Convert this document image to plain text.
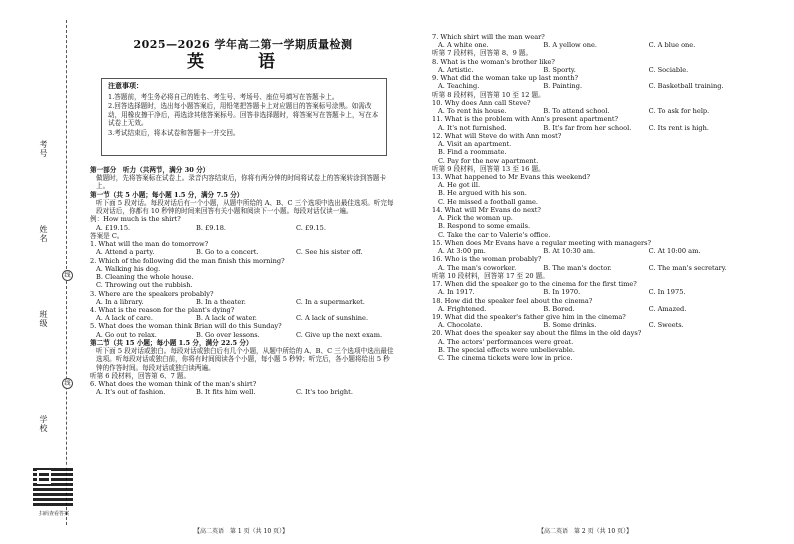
考号
姓名
线
班级
线
学校
扫码查看答案
2025—2026 学年高二第一学期质量检测
英 语
注意事项：

1.答题前，考生务必将自己的姓名、考生号、考场号、座位号填写在答题卡上。

2.回答选择题时，选出每小题答案后，用铅笔把答题卡上对应题目的答案标号涂黑。如需改动，用橡皮擦干净后，再选涂其他答案标号。回答非选择题时，将答案写在答题卡上，写在本试卷上无效。

3.考试结束后，将本试卷和答题卡一并交回。

第一部分　听力（共两节，满分 30 分）

做题时，先将答案标在试卷上。录音内容结束后，你将有两分钟的时间将试卷上的答案转涂到答题卡上。

第一节（共 5 小题；每小题 1.5 分，满分 7.5 分）

听下面 5 段对话。每段对话后有一个小题，从题中所给的 A、B、C 三个选项中选出最佳选项。听完每段对话后，你都有 10 秒钟的时间来回答有关小题和阅读下一小题。每段对话仅读一遍。

例：How much is the shirt?

A. £19.15.	B. £9.18.	C. £9.15.

答案是 C。

1. What will the man do tomorrow?

A. Attend a party.	B. Go to a concert.	C. See his sister off.

2. Which of the following did the man finish this morning?

A. Walking his dog.

B. Cleaning the whole house.

C. Throwing out the rubbish.

3. Where are the speakers probably?

A. In a library.	B. In a theater.	C. In a supermarket.

4. What is the reason for the plant's dying?

A. A lack of care.	B. A lack of water.	C. A lack of sunshine.

5. What does the woman think Brian will do this Sunday?

A. Go out to relax.	B. Go over lessons.	C. Give up the next exam.

第二节（共 15 小题；每小题 1.5 分，满分 22.5 分）

听下面 5 段对话或独白。每段对话或独白后有几个小题，从题中所给的 A、B、C 三个选项中选出最佳选项。听每段对话或独白前，你将有时间阅读各个小题，每小题 5 秒钟；听完后，各小题将给出 5 秒钟的作答时间。每段对话或独白读两遍。

听第 6 段材料，回答第 6、7 题。

6. What does the woman think of the man's shirt?

A. It's out of fashion.	B. It fits him well.	C. It's too bright.
【高二英语　第 1 页（共 10 页）】

7. Which shirt will the man wear?

A. A white one.	B. A yellow one.	C. A blue one.

听第 7 段材料，回答第 8、9 题。

8. What is the woman's brother like?

A. Artistic.	B. Sporty.	C. Sociable.

9. What did the woman take up last month?

A. Teaching.	B. Painting.	C. Basketball training.

听第 8 段材料，回答第 10 至 12 题。

10. Why does Ann call Steve?

A. To rent his house.	B. To attend school.	C. To ask for help.

11. What is the problem with Ann's present apartment?

A. It's not furnished.	B. It's far from her school.	C. Its rent is high.

12. What will Steve do with Ann most?

A. Visit an apartment.

B. Find a roommate.

C. Pay for the new apartment.

听第 9 段材料，回答第 13 至 16 题。

13. What happened to Mr Evans this weekend?

A. He got ill.

B. He argued with his son.

C. He missed a football game.

14. What will Mr Evans do next?

A. Pick the woman up.

B. Respond to some emails.

C. Take the car to Valerie's office.

15. When does Mr Evans have a regular meeting with managers?

A. At 3:00 pm.	B. At 10:30 am.	C. At 10:00 am.

16. Who is the woman probably?

A. The man's coworker.	B. The man's doctor.	C. The man's secretary.

听第 10 段材料，回答第 17 至 20 题。

17. When did the speaker go to the cinema for the first time?

A. In 1917.	B. In 1970.	C. In 1975.

18. How did the speaker feel about the cinema?

A. Frightened.	B. Bored.	C. Amazed.

19. What did the speaker's father give him in the cinema?

A. Chocolate.	B. Some drinks.	C. Sweets.

20. What does the speaker say about the films in the old days?

A. The actors' performances were great.

B. The special effects were unbelievable.

C. The cinema tickets were low in price.

【高二英语　第 2 页（共 10 页）】
